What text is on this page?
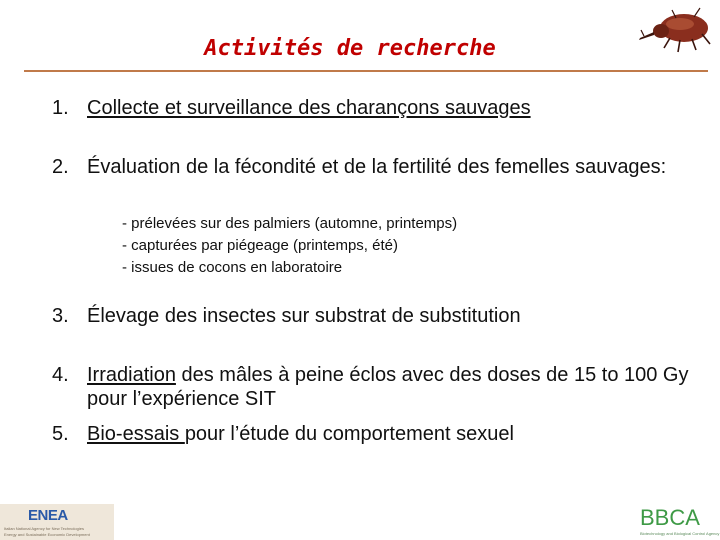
Activités de recherche
1. Collecte et surveillance des charançons sauvages
2. Évaluation de la fécondité et de la fertilité des femelles sauvages:
- prélevées sur des palmiers (automne, printemps)
- capturées par piégeage (printemps, été)
- issues de cocons en laboratoire
3. Élevage des insectes sur substrat de substitution
4. Irradiation des mâles à peine éclos avec des doses de 15 to 100 Gy pour l’expérience SIT
5. Bio-essais pour l’étude du comportement sexuel
ENEA
Italian National Agency for New Technologies
Energy and Sustainable Economic Development
BBCA
Biotechnology and Biological Control Agency
